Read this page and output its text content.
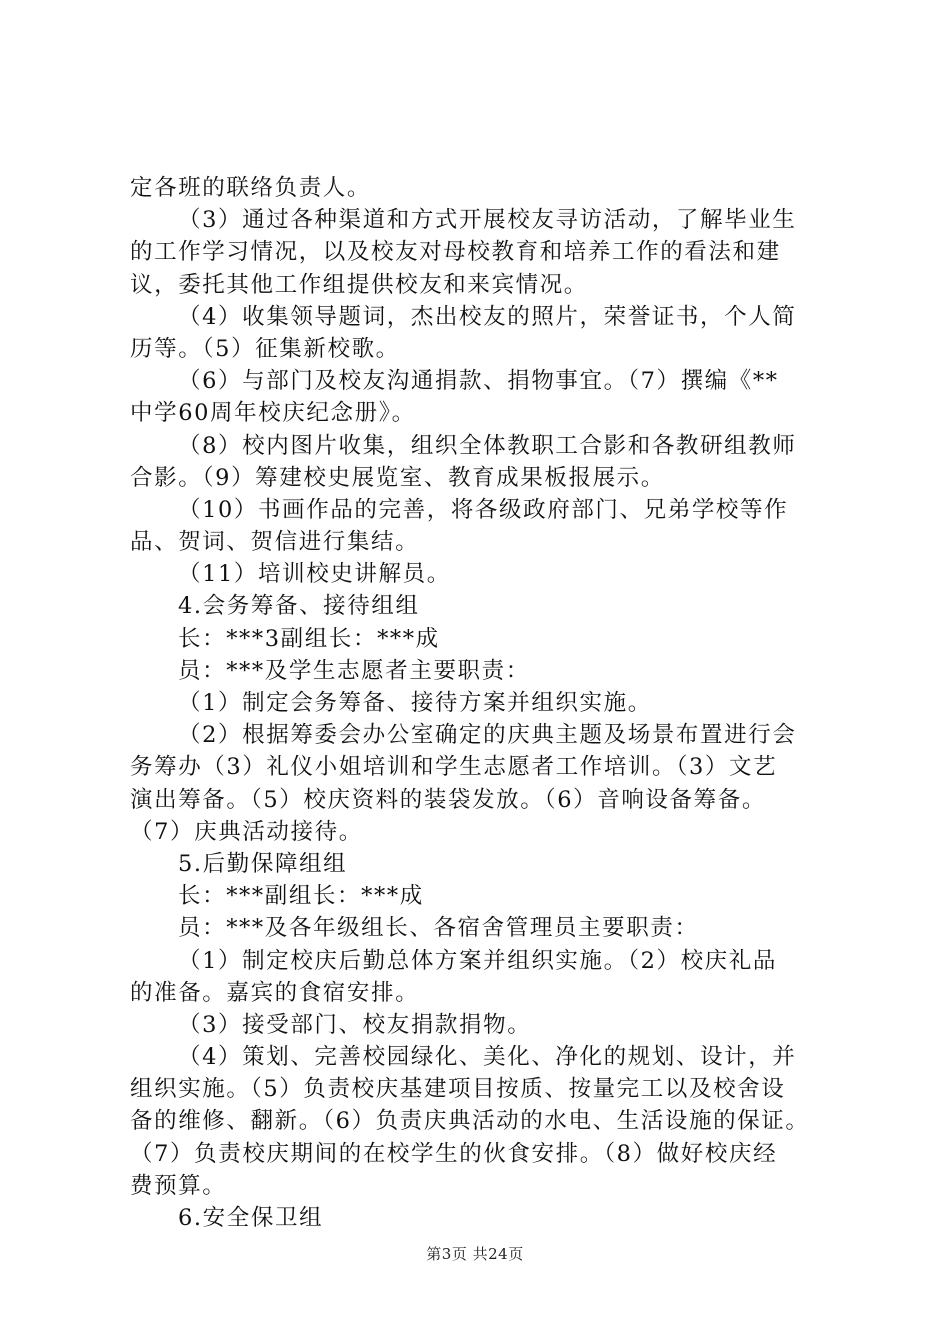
定各班的联络负责人。
（3）通过各种渠道和方式开展校友寻访活动，了解毕业生
的工作学习情况，以及校友对母校教育和培养工作的看法和建
议，委托其他工作组提供校友和来宾情况。
（4）收集领导题词，杰出校友的照片，荣誉证书，个人简
历等。（5）征集新校歌。
（6）与部门及校友沟通捐款、捐物事宜。（7）撰编《**
中学60周年校庆纪念册》。
（8）校内图片收集，组织全体教职工合影和各教研组教师
合影。（9）筹建校史展览室、教育成果板报展示。
（10）书画作品的完善，将各级政府部门、兄弟学校等作
品、贺词、贺信进行集结。
（11）培训校史讲解员。
4.会务筹备、接待组组
长：***3副组长：***成
员：***及学生志愿者主要职责：
（1）制定会务筹备、接待方案并组织实施。
（2）根据筹委会办公室确定的庆典主题及场景布置进行会
务筹办（3）礼仪小姐培训和学生志愿者工作培训。（3）文艺
演出筹备。（5）校庆资料的装袋发放。（6）音响设备筹备。
（7）庆典活动接待。
5.后勤保障组组
长：***副组长：***成
员：***及各年级组长、各宿舍管理员主要职责：
（1）制定校庆后勤总体方案并组织实施。（2）校庆礼品
的准备。嘉宾的食宿安排。
（3）接受部门、校友捐款捐物。
（4）策划、完善校园绿化、美化、净化的规划、设计，并
组织实施。（5）负责校庆基建项目按质、按量完工以及校舍设
备的维修、翻新。（6）负责庆典活动的水电、生活设施的保证。
（7）负责校庆期间的在校学生的伙食安排。（8）做好校庆经
费预算。
6.安全保卫组
第3页 共24页
